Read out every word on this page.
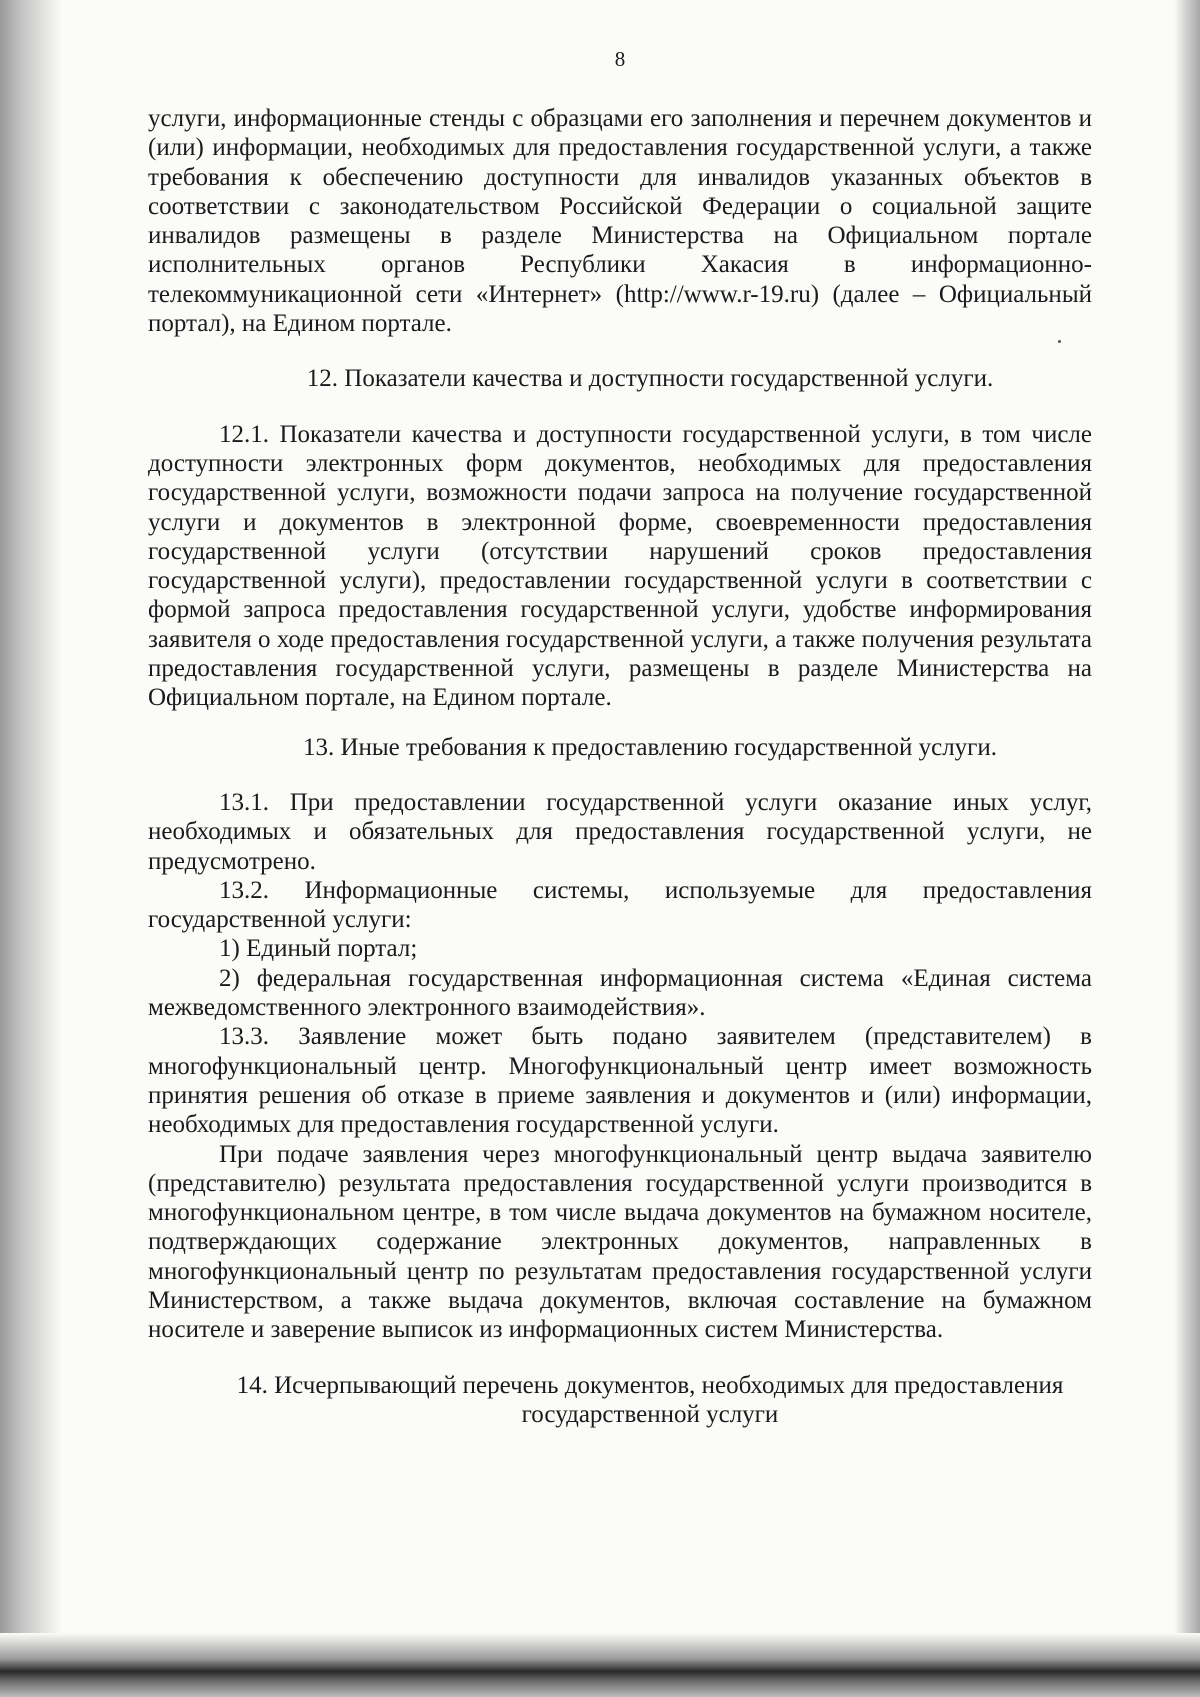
8

услуги, информационные стенды с образцами его заполнения и перечнем документов и (или) информации, необходимых для предоставления государственной услуги, а также требования к обеспечению доступности для инвалидов указанных объектов в соответствии с законодательством Российской Федерации о социальной защите инвалидов размещены в разделе Министерства на Официальном портале исполнительных органов Республики Хакасия в информационно-телекоммуникационной сети «Интернет» (http://www.r-19.ru) (далее – Официальный портал), на Едином портале.

12. Показатели качества и доступности государственной услуги.

12.1. Показатели качества и доступности государственной услуги, в том числе доступности электронных форм документов, необходимых для предоставления государственной услуги, возможности подачи запроса на получение государственной услуги и документов в электронной форме, своевременности предоставления государственной услуги (отсутствии нарушений сроков предоставления государственной услуги), предоставлении государственной услуги в соответствии с формой запроса предоставления государственной услуги, удобстве информирования заявителя о ходе предоставления государственной услуги, а также получения результата предоставления государственной услуги, размещены в разделе Министерства на Официальном портале, на Едином портале.

13. Иные требования к предоставлению государственной услуги.

13.1. При предоставлении государственной услуги оказание иных услуг, необходимых и обязательных для предоставления государственной услуги, не предусмотрено.

13.2. Информационные системы, используемые для предоставления государственной услуги:

1) Единый портал;

2) федеральная государственная информационная система «Единая система межведомственного электронного взаимодействия».

13.3. Заявление может быть подано заявителем (представителем) в многофункциональный центр. Многофункциональный центр имеет возможность принятия решения об отказе в приеме заявления и документов и (или) информации, необходимых для предоставления государственной услуги.

При подаче заявления через многофункциональный центр выдача заявителю (представителю) результата предоставления государственной услуги производится в многофункциональном центре, в том числе выдача документов на бумажном носителе, подтверждающих содержание электронных документов, направленных в многофункциональный центр по результатам предоставления государственной услуги Министерством, а также выдача документов, включая составление на бумажном носителе и заверение выписок из информационных систем Министерства.

14. Исчерпывающий перечень документов, необходимых для предоставления государственной услуги
